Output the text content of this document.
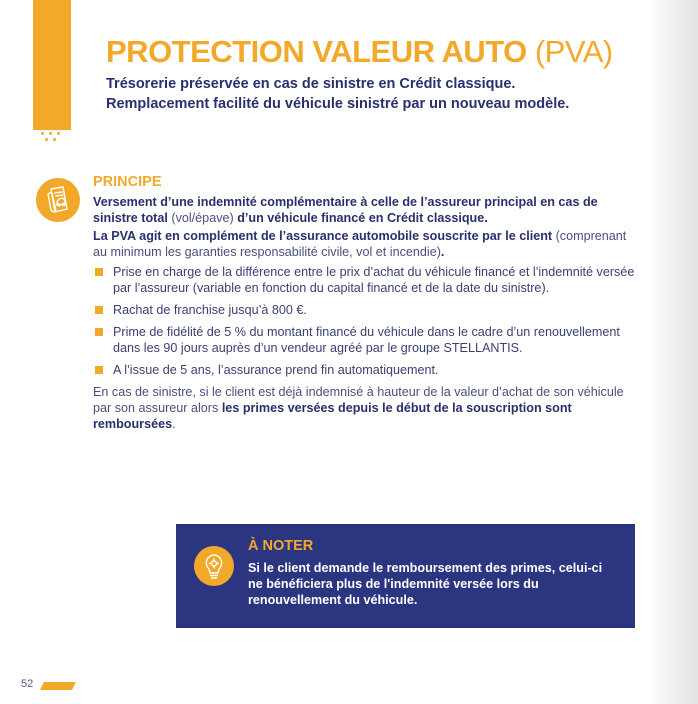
PROTECTION VALEUR AUTO (PVA)
Trésorerie préservée en cas de sinistre en Crédit classique.
Remplacement facilité du véhicule sinistré par un nouveau modèle.
PRINCIPE

Versement d’une indemnité complémentaire à celle de l’assureur principal en cas de sinistre total (vol/épave) d’un véhicule financé en Crédit classique.

La PVA agit en complément de l’assurance automobile souscrite par le client (comprenant au minimum les garanties responsabilité civile, vol et incendie).

Prise en charge de la différence entre le prix d’achat du véhicule financé et l’indemnité versée par l’assureur (variable en fonction du capital financé et de la date du sinistre).
Rachat de franchise jusqu’à 800 €.
Prime de fidélité de 5 % du montant financé du véhicule dans le cadre d’un renouvellement dans les 90 jours auprès d’un vendeur agréé par le groupe STELLANTIS.
A l’issue de 5 ans, l’assurance prend fin automatiquement.

En cas de sinistre, si le client est déjà indemnisé à hauteur de la valeur d’achat de son véhicule par son assureur alors les primes versées depuis le début de la souscription sont remboursées.

À NOTER
Si le client demande le remboursement des primes, celui-ci ne bénéficiera plus de l'indemnité versée lors du renouvellement du véhicule.
52
